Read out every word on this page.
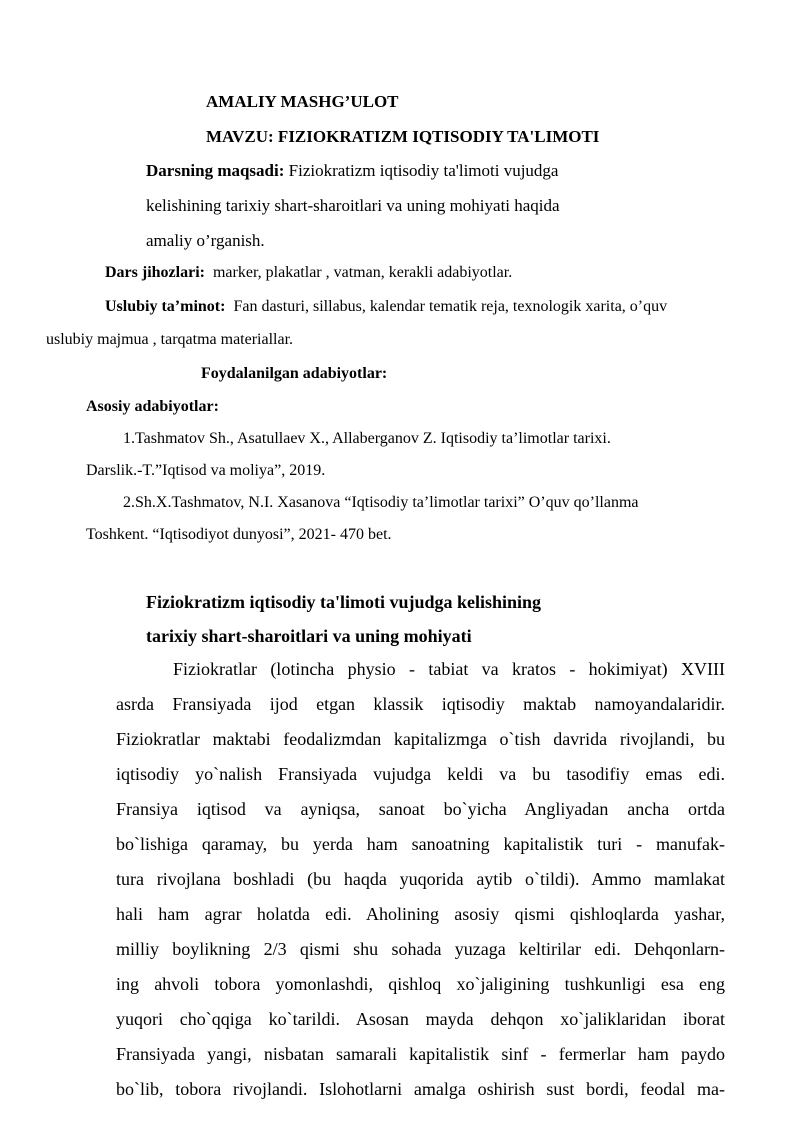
AMALIY MASHG’ULOT
MAVZU: FIZIOKRATIZM IQTISODIY TA'LIMOTI
Darsning maqsadi: Fiziokratizm iqtisodiy ta'limoti vujudga
kelishining tarixiy shart-sharoitlari va uning mohiyati haqida
amaliy o’rganish.
Dars jihozlari: marker, plakatlar , vatman, kerakli adabiyotlar.
Uslubiy ta’minot: Fan dasturi, sillabus, kalendar tematik reja, texnologik xarita, o’quv
uslubiy majmua , tarqatma materiallar.
Foydalanilgan adabiyotlar:
Asosiy adabiyotlar:
1.Tashmatov Sh., Asatullaev X., Allaberganov Z. Iqtisodiy ta’limotlar tarixi.
Darslik.-T.”Iqtisod va moliya”, 2019.
2.Sh.X.Tashmatov, N.I. Xasanova “Iqtisodiy ta’limotlar tarixi” O’quv qo’llanma
Toshkent. “Iqtisodiyot dunyosi”, 2021- 470 bet.
Fiziokratizm iqtisodiy ta'limoti vujudga kelishining
tarixiy shart-sharoitlari va uning mohiyati
Fiziokratlar (lotincha physio - tabiat va kratos - hokimiyat) XVIII
asrda Fransiyada ijod etgan klassik iqtisodiy maktab namoyandalaridir.
Fiziokratlar maktabi feodalizmdan kapitalizmga o`tish davrida rivojlandi, bu
iqtisodiy yo`nalish Fransiyada vujudga keldi va bu tasodifiy emas edi.
Fransiya iqtisod va ayniqsa, sanoat bo`yicha Angliyadan ancha ortda
bo`lishiga qaramay, bu yerda ham sanoatning kapitalistik turi - manufak-
tura rivojlana boshladi (bu haqda yuqorida aytib o`tildi). Ammo mamlakat
hali ham agrar holatda edi. Aholining asosiy qismi qishloqlarda yashar,
milliy boylikning 2/3 qismi shu sohada yuzaga keltirilar edi. Dehqonlarn-
ing ahvoli tobora yomonlashdi, qishloq xo`jaligining tushkunligi esa eng
yuqori cho`qqiga ko`tarildi. Asosan mayda dehqon xo`jaliklaridan iborat
Fransiyada yangi, nisbatan samarali kapitalistik sinf - fermerlar ham paydo
bo`lib, tobora rivojlandi. Islohotlarni amalga oshirish sust bordi, feodal ma-
